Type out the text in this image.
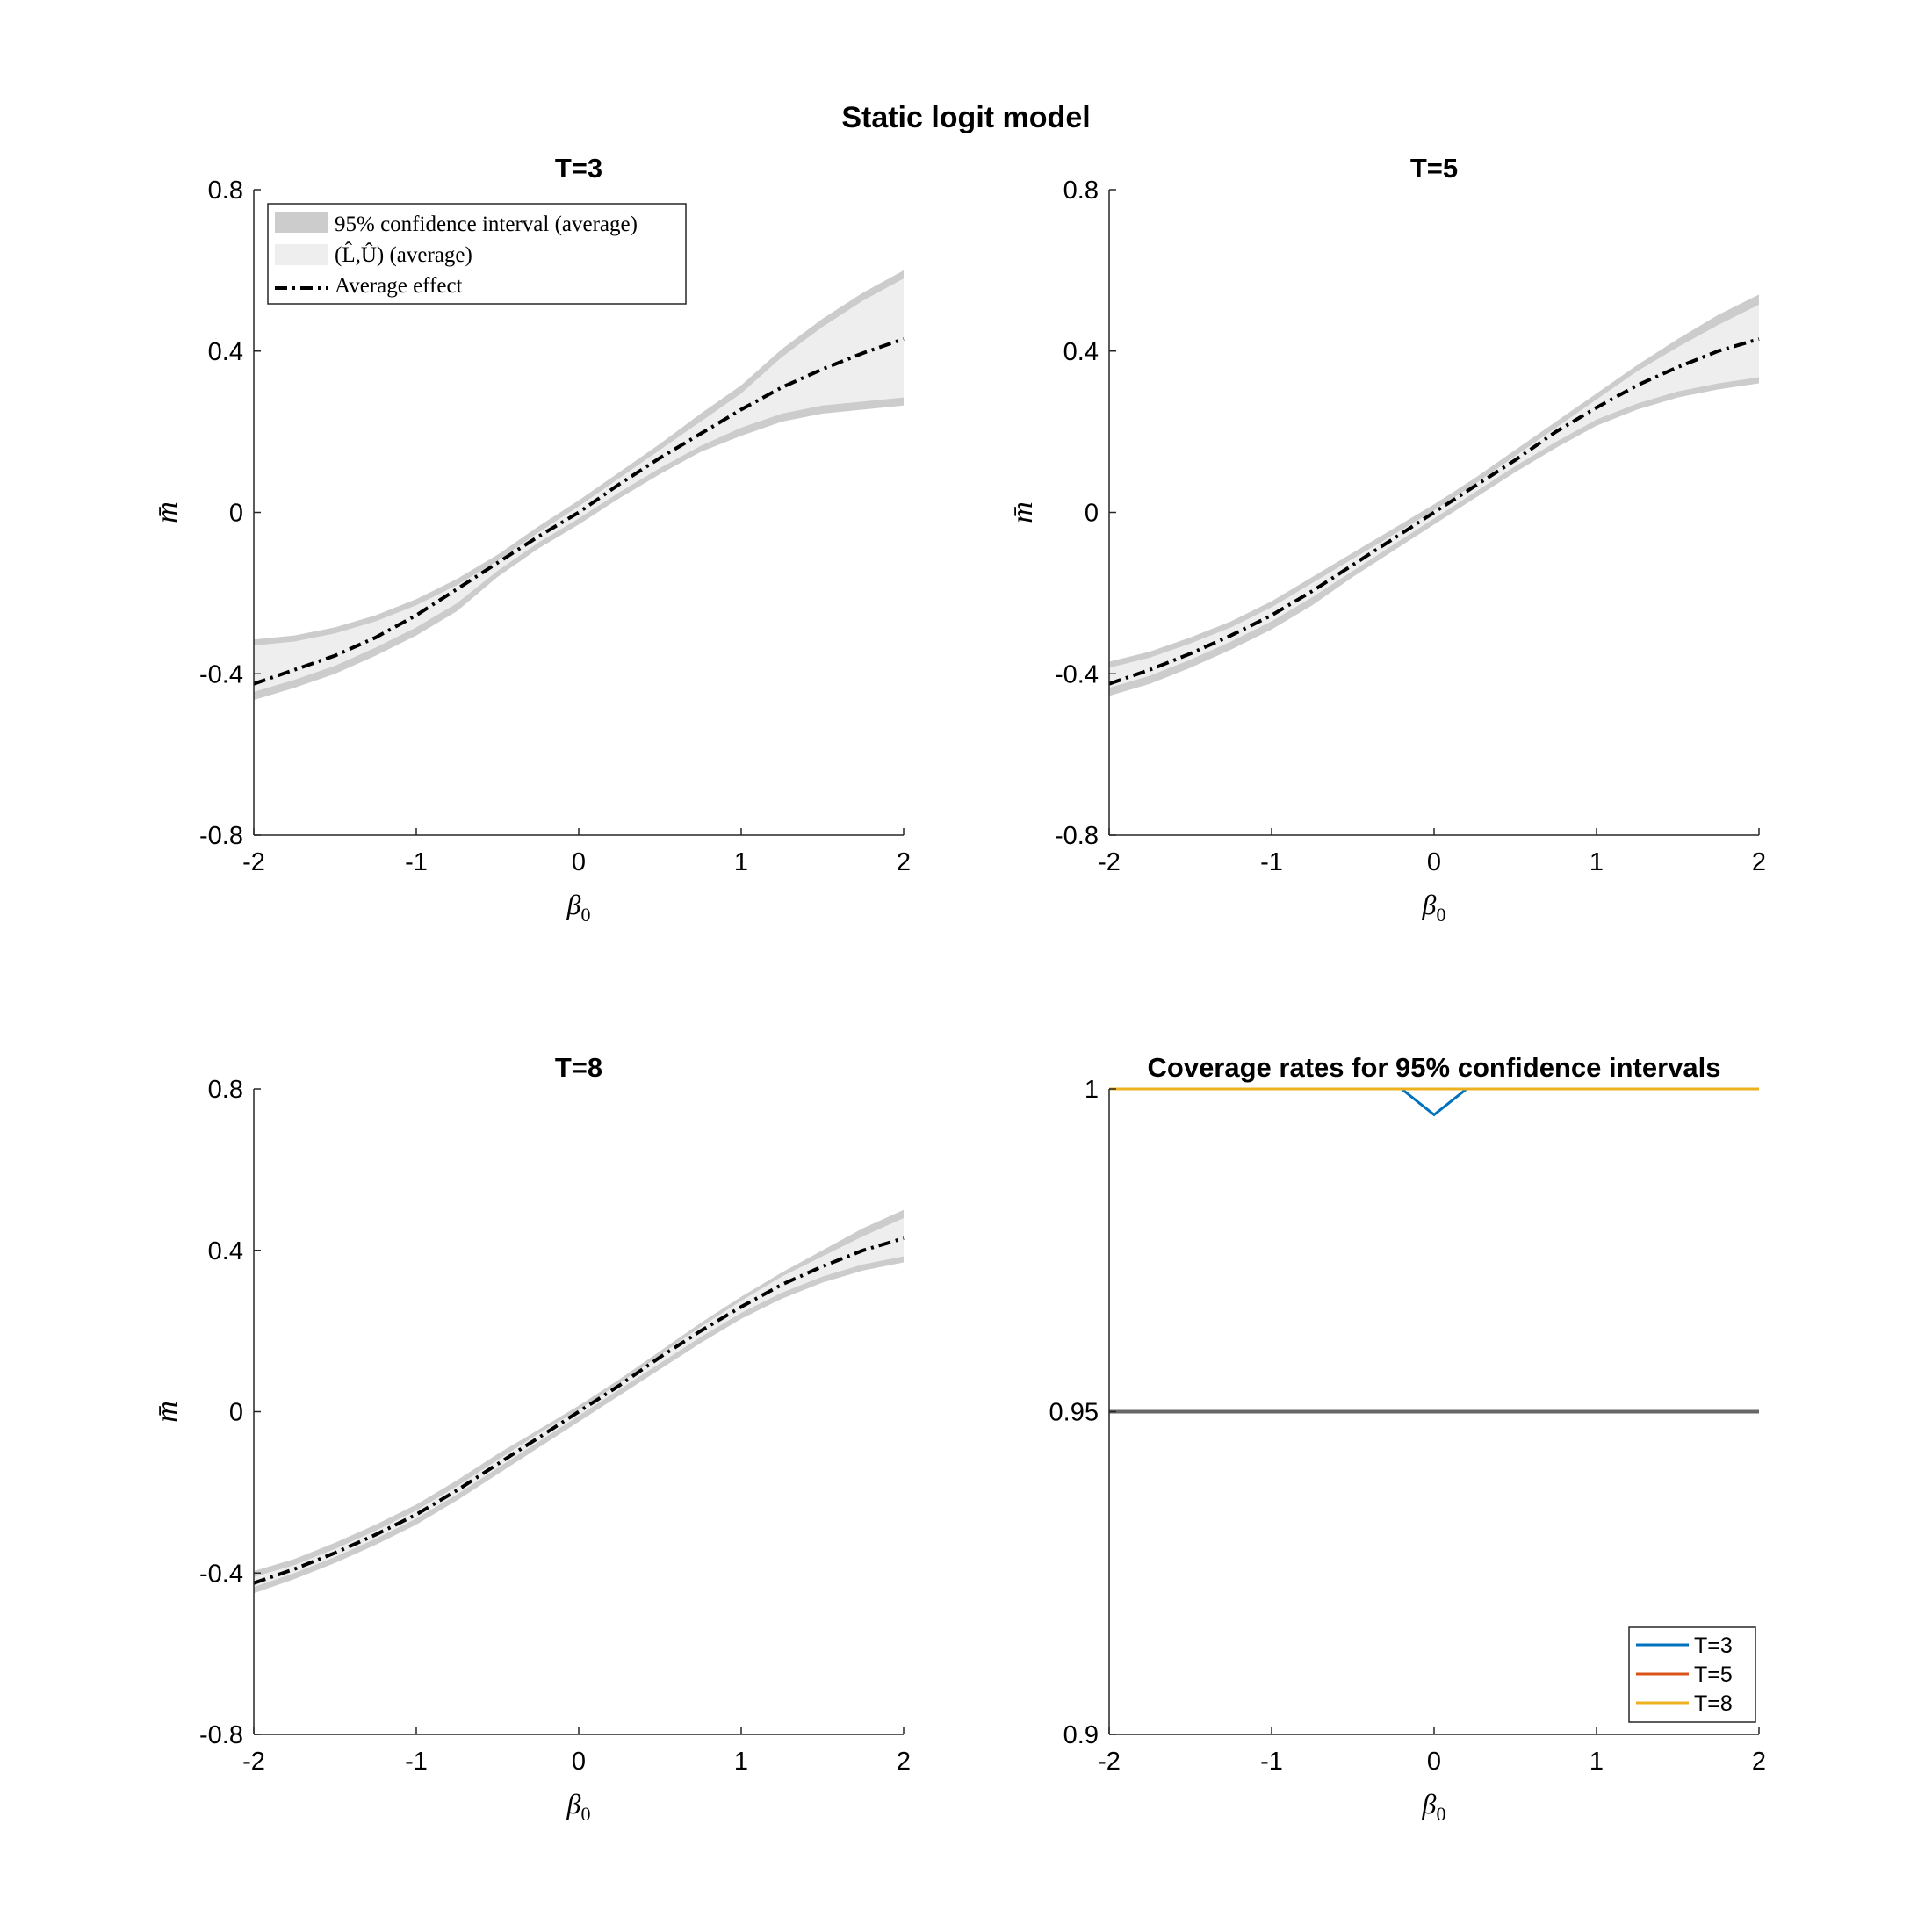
Static logit model
T=3
-2	-1	0	1	2
-0.8
-0.4
0
0.4
0.8
$\beta_0$
m̄
95% confidence interval (average)
(L̂,Û) (average)
Average effect
T=5
-2	-1	0	1	2
-0.8
-0.4
0
0.4
0.8
$\beta_0$
m̄
T=8
-2	-1	0	1	2
-0.8
-0.4
0
0.4
0.8
$\beta_0$
m̄
Coverage rates for 95% confidence intervals
-2	-1	0	1	2
0.9
0.95
1
$\beta_0$
T=3
T=5
T=8
